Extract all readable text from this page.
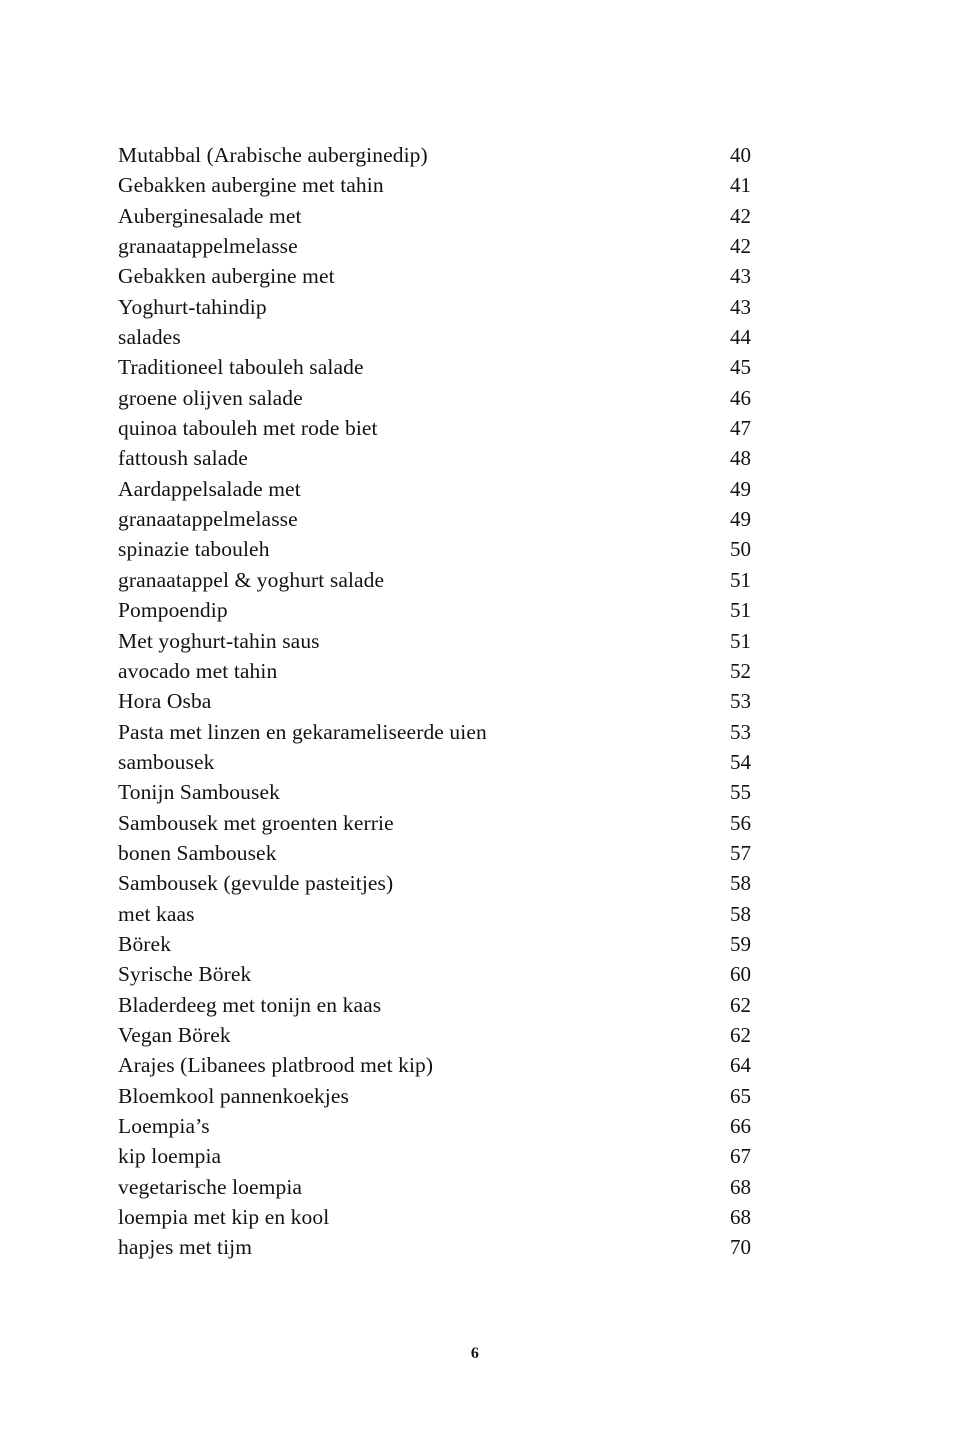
Mutabbal (Arabische auberginedip)	40
Gebakken aubergine met tahin	41
Auberginesalade met	42
granaatappelmelasse	42
Gebakken aubergine met	43
Yoghurt-tahindip	43
salades	44
Traditioneel tabouleh salade	45
groene olijven salade	46
quinoa tabouleh met rode biet	47
fattoush salade	48
Aardappelsalade met	49
granaatappelmelasse	49
spinazie tabouleh	50
granaatappel & yoghurt salade	51
Pompoendip	51
Met yoghurt-tahin saus	51
avocado met tahin	52
Hora Osba	53
Pasta met linzen en gekarameliseerde uien	53
sambousek	54
Tonijn Sambousek	55
Sambousek met groenten kerrie	56
bonen Sambousek	57
Sambousek (gevulde pasteitjes)	58
met kaas	58
Börek	59
Syrische Börek	60
Bladerdeeg met tonijn en kaas	62
Vegan Börek	62
Arajes (Libanees platbrood met kip)	64
Bloemkool pannenkoekjes	65
Loempia’s	66
kip loempia	67
vegetarische loempia	68
loempia met kip en kool	68
hapjes met tijm	70
6
